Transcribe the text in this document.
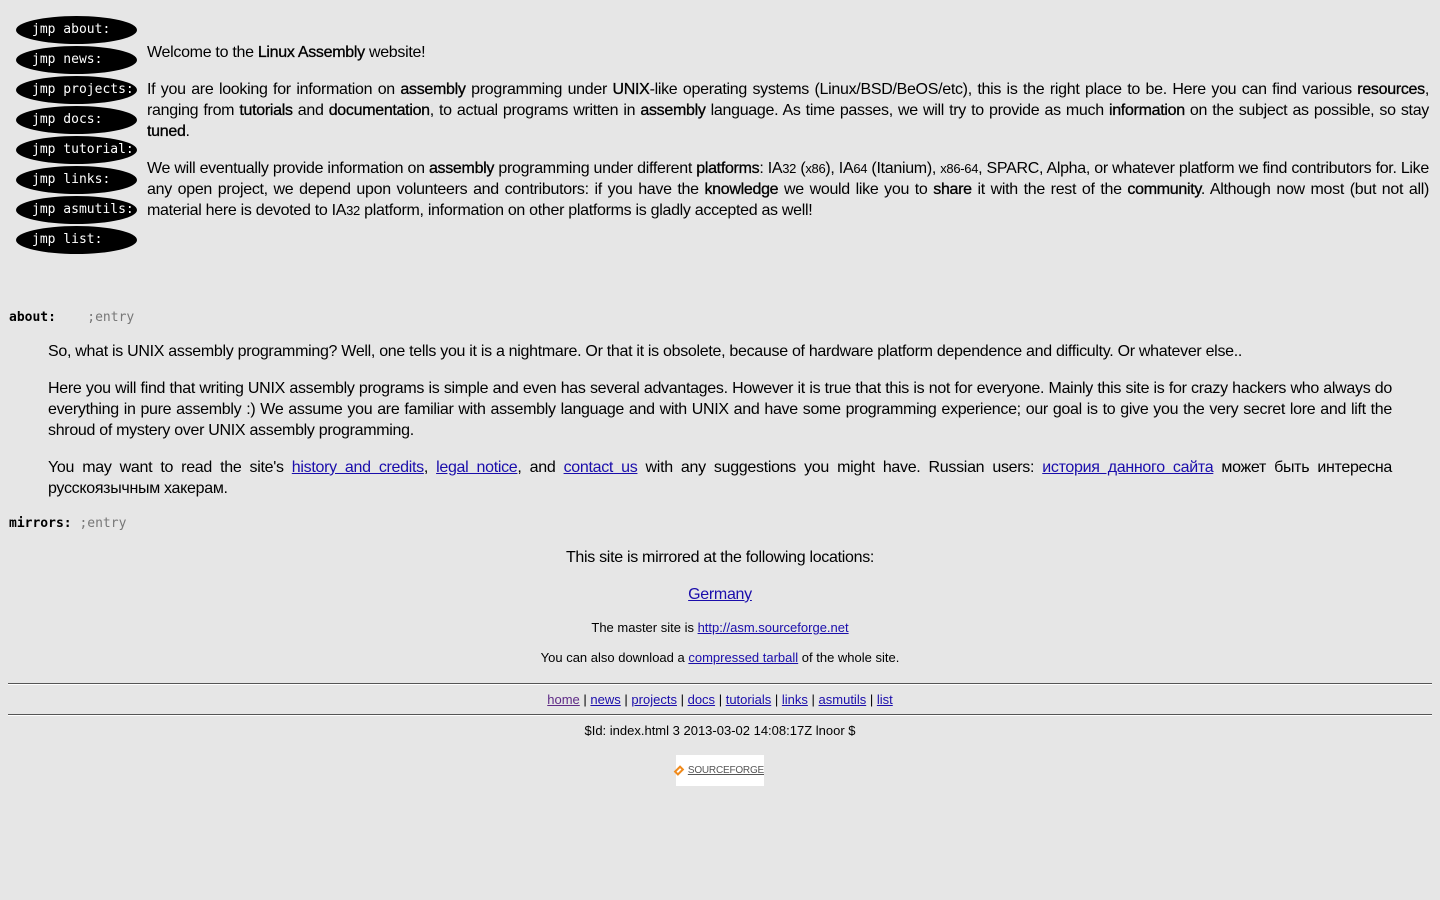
jmp about:
jmp news:
jmp projects:
jmp docs:
jmp tutorial:
jmp links:
jmp asmutils:
jmp list:

Welcome to the Linux Assembly website!

If you are looking for information on assembly programming under UNIX-like operating systems (Linux/BSD/BeOS/etc), this is the right place to be. Here you can find various resources, ranging from tutorials and documentation, to actual programs written in assembly language. As time passes, we will try to provide as much information on the subject as possible, so stay tuned.

We will eventually provide information on assembly programming under different platforms: IA32 (x86), IA64 (Itanium), x86-64, SPARC, Alpha, or whatever platform we find contributors for. Like any open project, we depend upon volunteers and contributors: if you have the knowledge we would like you to share it with the rest of the community. Although now most (but not all) material here is devoted to IA32 platform, information on other platforms is gladly accepted as well!

about: ;entry

So, what is UNIX assembly programming? Well, one tells you it is a nightmare. Or that it is obsolete, because of hardware platform dependence and difficulty. Or whatever else..

Here you will find that writing UNIX assembly programs is simple and even has several advantages. However it is true that this is not for everyone. Mainly this site is for crazy hackers who always do everything in pure assembly :) We assume you are familiar with assembly language and with UNIX and have some programming experience; our goal is to give you the very secret lore and lift the shroud of mystery over UNIX assembly programming.

You may want to read the site's history and credits, legal notice, and contact us with any suggestions you might have. Russian users: история данного сайта может быть интересна русскоязычным хакерам.

mirrors: ;entry

This site is mirrored at the following locations:

Germany

The master site is http://asm.sourceforge.net

You can also download a compressed tarball of the whole site.

home | news | projects | docs | tutorials | links | asmutils | list
$Id: index.html 3 2013-03-02 14:08:17Z lnoor $
SOURCEFORGE
